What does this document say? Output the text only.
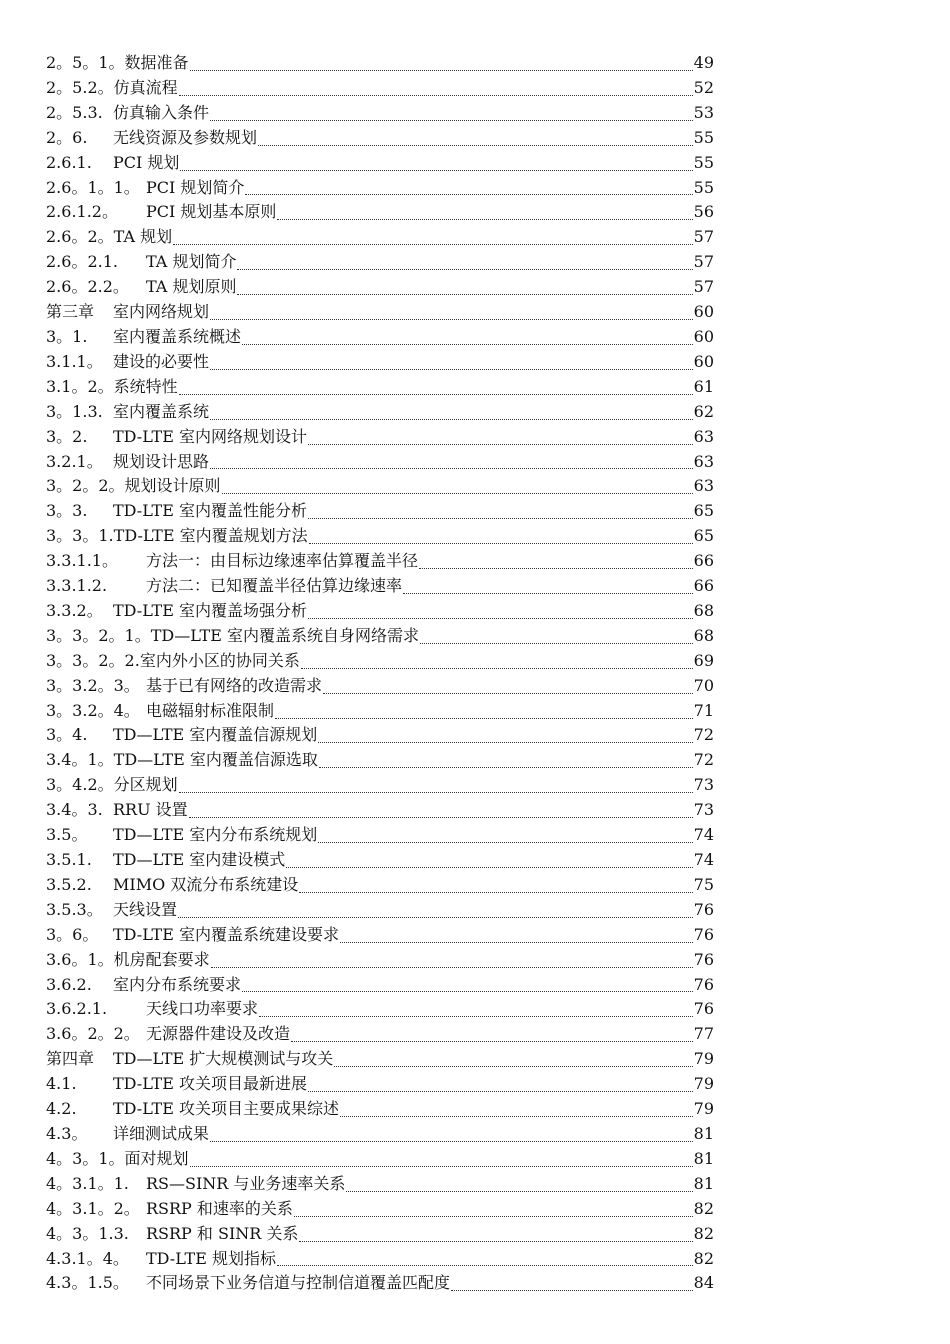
2。5。1。 数据准备	49
2。5.2。 仿真流程	52
2。5.3. 仿真输入条件	53
2。6.	无线资源及参数规划	55
2.6.1.	PCI 规划	55
2.6。1。1。 PCI 规划简介	55
2.6.1.2。	PCI 规划基本原则	56
2.6。2。 TA 规划	57
2.6。2.1.	TA 规划简介	57
2.6。2.2。	TA 规划原则	57
第三章	室内网络规划	60
3。1.	室内覆盖系统概述	60
3.1.1。 建设的必要性	60
3.1。2。 系统特性	61
3。1.3. 室内覆盖系统	62
3。2.	TD-LTE 室内网络规划设计	63
3.2.1。 规划设计思路	63
3。2。2。 规划设计原则	63
3。3.	TD-LTE 室内覆盖性能分析	65
3。3。1. TD-LTE 室内覆盖规划方法	65
3.3.1.1。	方法一：由目标边缘速率估算覆盖半径	66
3.3.1.2.	方法二：已知覆盖半径估算边缘速率	66
3.3.2。 TD-LTE 室内覆盖场强分析	68
3。3。2。1。 TD—LTE 室内覆盖系统自身网络需求	68
3。3。2。2. 室内外小区的协同关系	69
3。3.2。3。 基于已有网络的改造需求	70
3。3.2。4。 电磁辐射标准限制	71
3。4.	TD—LTE 室内覆盖信源规划	72
3.4。1。 TD—LTE 室内覆盖信源选取	72
3。4.2。 分区规划	73
3.4。3. RRU 设置	73
3.5。	TD—LTE 室内分布系统规划	74
3.5.1.	TD—LTE 室内建设模式	74
3.5.2.	MIMO 双流分布系统建设	75
3.5.3。 天线设置	76
3。6。 TD-LTE 室内覆盖系统建设要求	76
3.6。1。 机房配套要求	76
3.6.2.	室内分布系统要求	76
3.6.2.1.	天线口功率要求	76
3.6。2。2。 无源器件建设及改造	77
第四章	TD—LTE 扩大规模测试与攻关	79
4.1.	TD-LTE 攻关项目最新进展	79
4.2.	TD-LTE 攻关项目主要成果综述	79
4.3。	详细测试成果	81
4。3。1。 面对规划	81
4。3.1。1.	RS—SINR 与业务速率关系	81
4。3.1。2。 RSRP 和速率的关系	82
4。3。1.3.	RSRP 和 SINR 关系	82
4.3.1。4。	TD-LTE 规划指标	82
4.3。1.5。	不同场景下业务信道与控制信道覆盖匹配度	84
